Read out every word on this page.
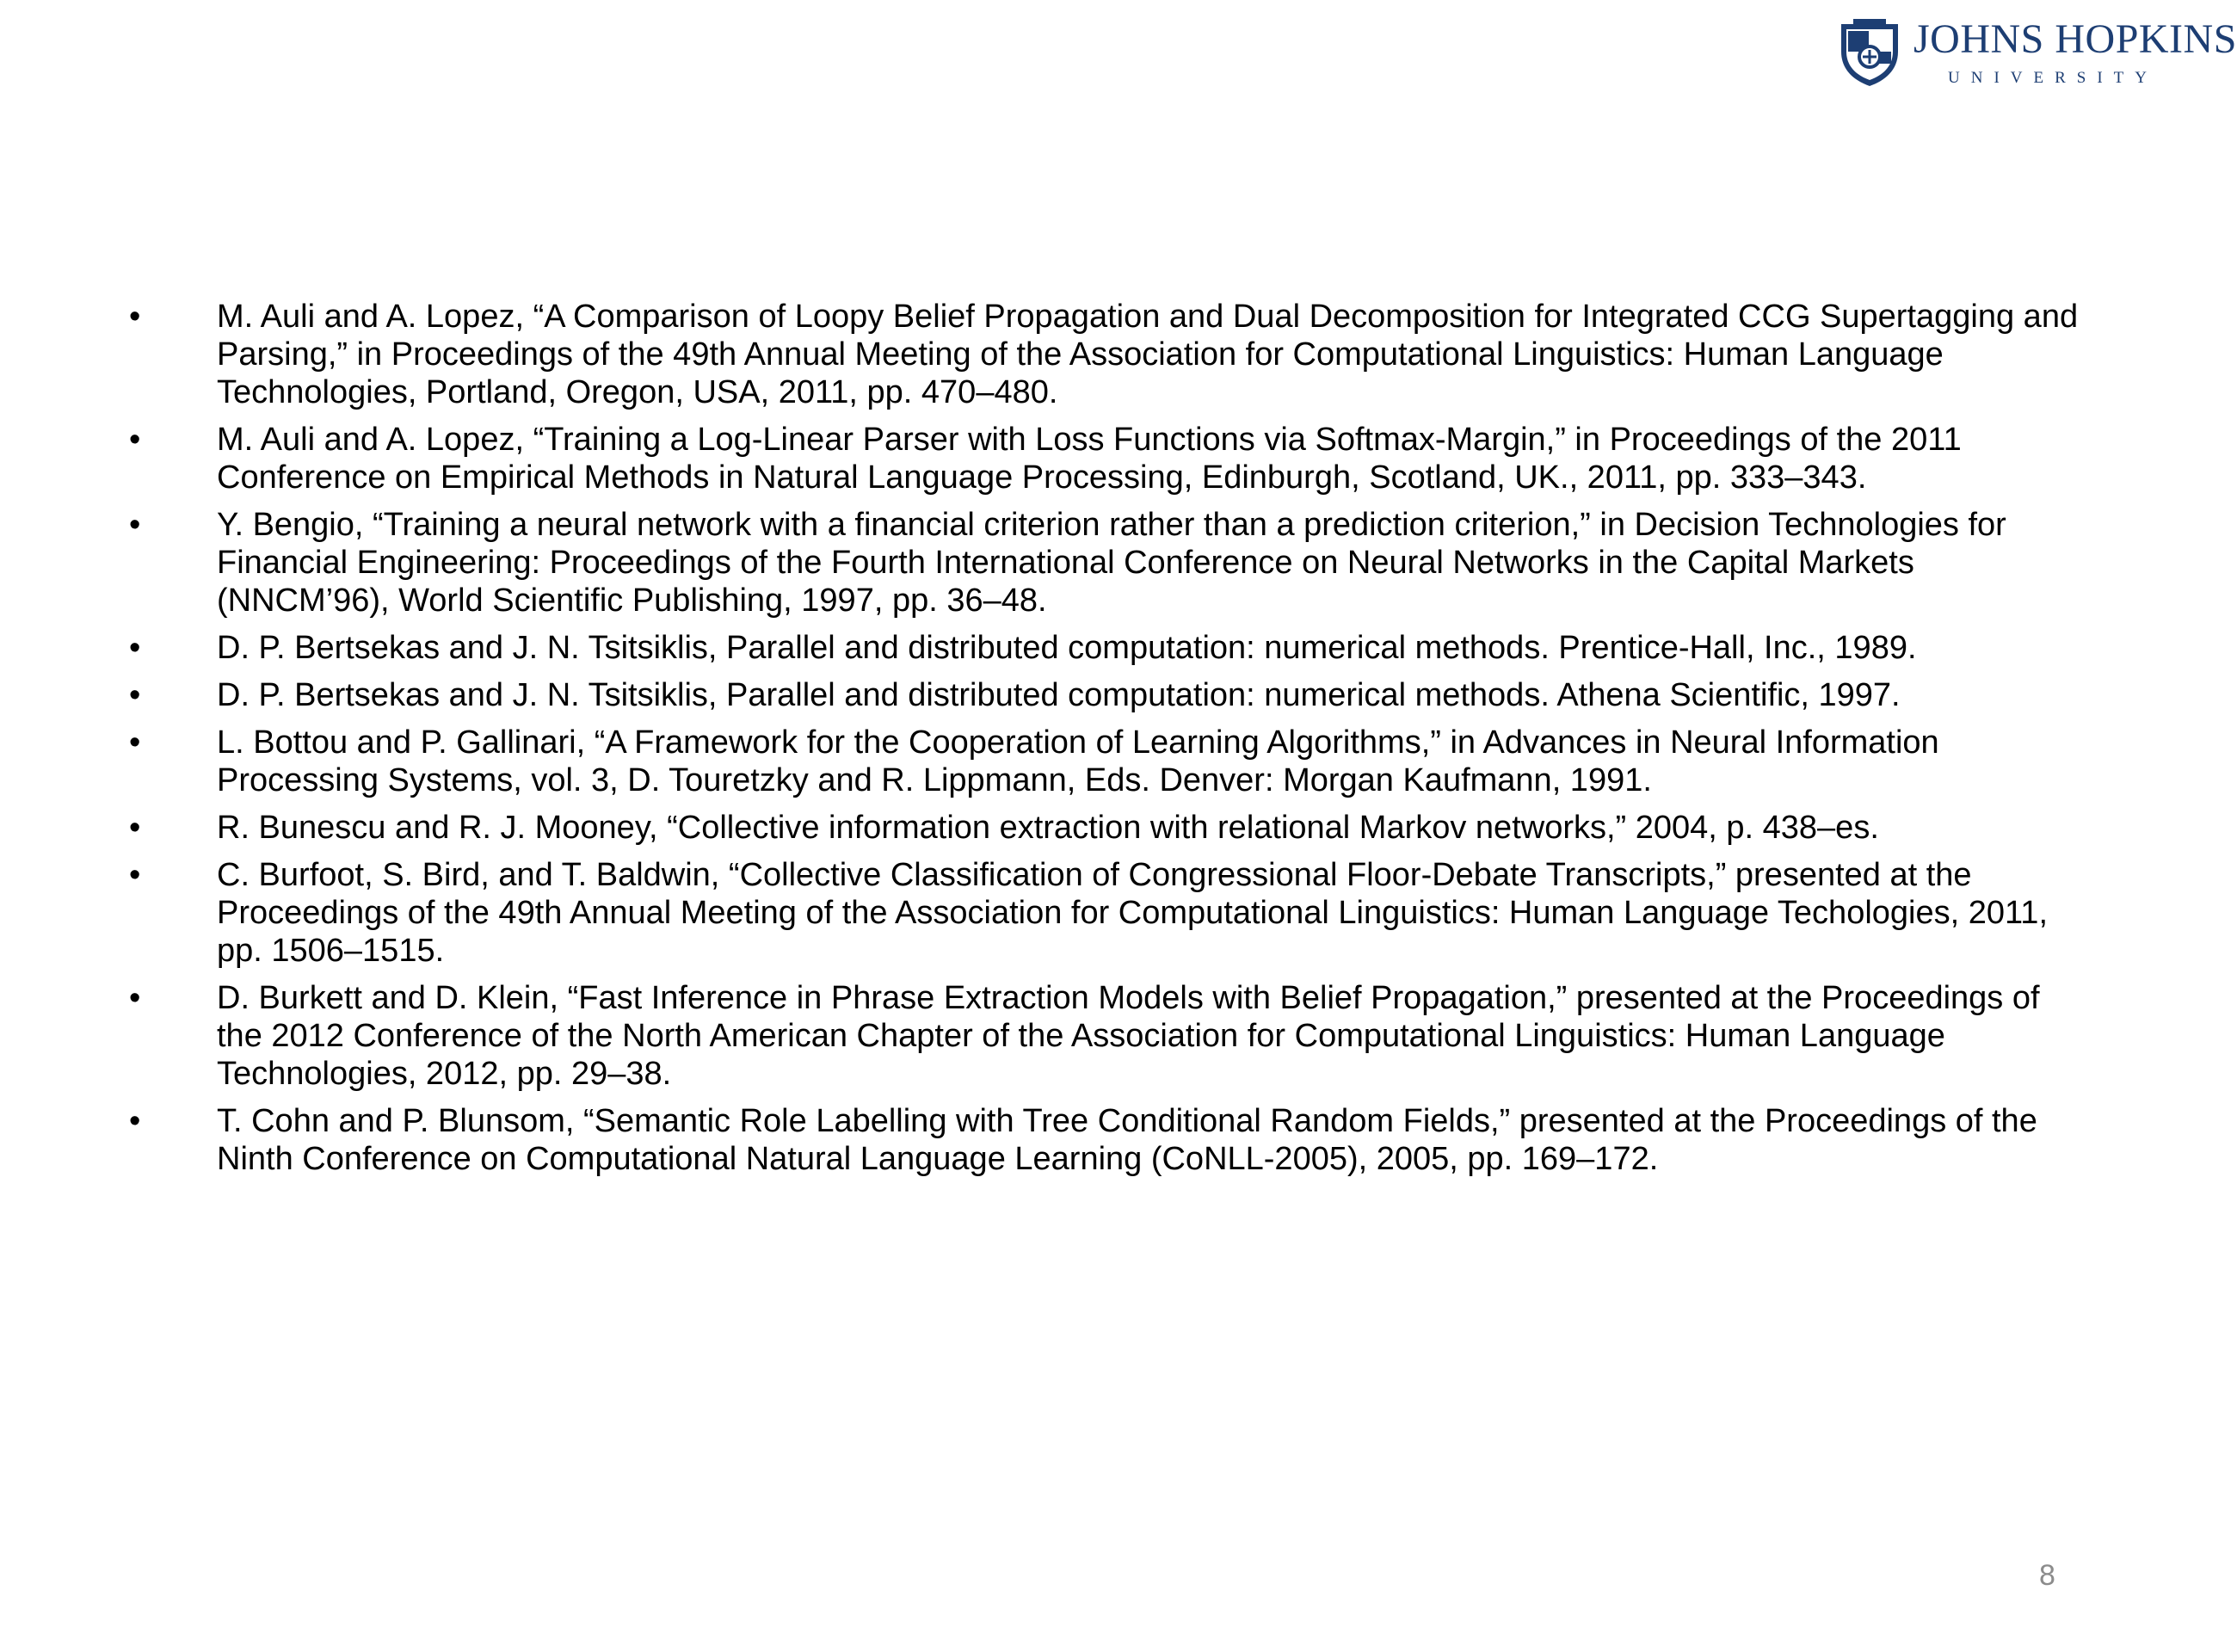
JOHNS HOPKINS
UNIVERSITY
•	M. Auli and A. Lopez, “A Comparison of Loopy Belief Propagation and Dual Decomposition for Integrated CCG Supertagging and Parsing,” in Proceedings of the 49th Annual Meeting of the Association for Computational Linguistics: Human Language Technologies, Portland, Oregon, USA, 2011, pp. 470–480.
•	M. Auli and A. Lopez, “Training a Log-Linear Parser with Loss Functions via Softmax-Margin,” in Proceedings of the 2011 Conference on Empirical Methods in Natural Language Processing, Edinburgh, Scotland, UK., 2011, pp. 333–343.
•	Y. Bengio, “Training a neural network with a financial criterion rather than a prediction criterion,” in Decision Technologies for Financial Engineering: Proceedings of the Fourth International Conference on Neural Networks in the Capital Markets (NNCM’96), World Scientific Publishing, 1997, pp. 36–48.
•	D. P. Bertsekas and J. N. Tsitsiklis, Parallel and distributed computation: numerical methods. Prentice-Hall, Inc., 1989.
•	D. P. Bertsekas and J. N. Tsitsiklis, Parallel and distributed computation: numerical methods. Athena Scientific, 1997.
•	L. Bottou and P. Gallinari, “A Framework for the Cooperation of Learning Algorithms,” in Advances in Neural Information Processing Systems, vol. 3, D. Touretzky and R. Lippmann, Eds. Denver: Morgan Kaufmann, 1991.
•	R. Bunescu and R. J. Mooney, “Collective information extraction with relational Markov networks,” 2004, p. 438–es.
•	C. Burfoot, S. Bird, and T. Baldwin, “Collective Classification of Congressional Floor-Debate Transcripts,” presented at the Proceedings of the 49th Annual Meeting of the Association for Computational Linguistics: Human Language Techologies, 2011, pp. 1506–1515.
•	D. Burkett and D. Klein, “Fast Inference in Phrase Extraction Models with Belief Propagation,” presented at the Proceedings of the 2012 Conference of the North American Chapter of the Association for Computational Linguistics: Human Language Technologies, 2012, pp. 29–38.
•	T. Cohn and P. Blunsom, “Semantic Role Labelling with Tree Conditional Random Fields,” presented at the Proceedings of the Ninth Conference on Computational Natural Language Learning (CoNLL-2005), 2005, pp. 169–172.
8
